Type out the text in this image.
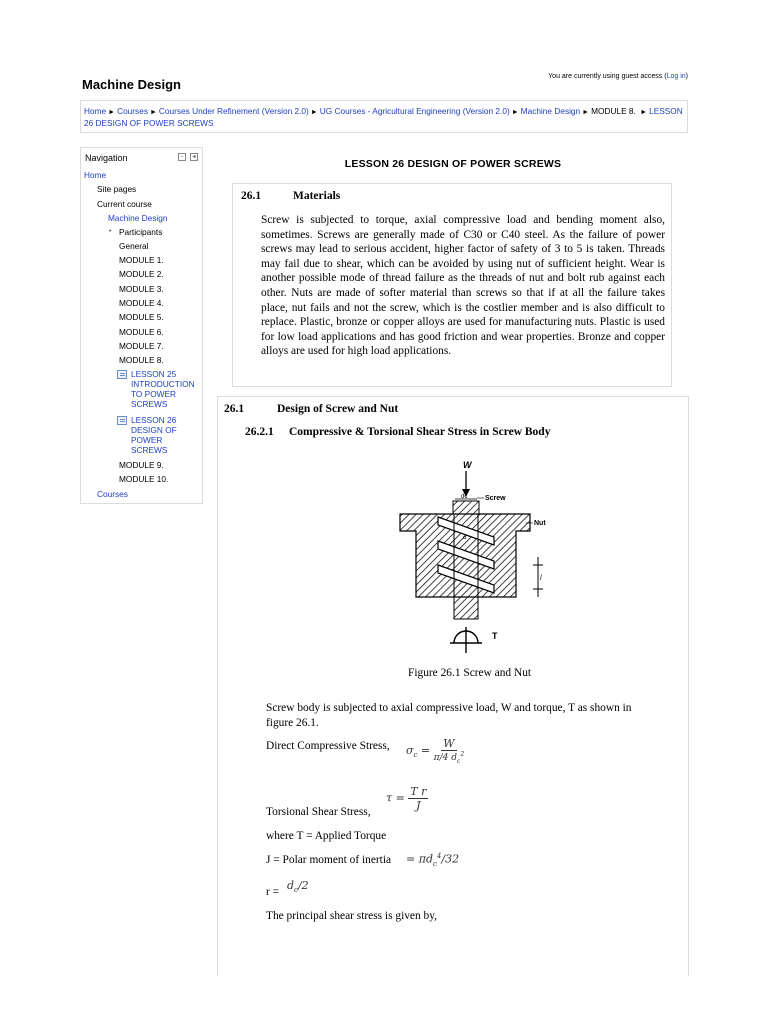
Machine Design
You are currently using guest access (Log in)
Home ► Courses ► Courses Under Refinement (Version 2.0) ► UG Courses - Agricultural Engineering (Version 2.0) ► Machine Design ► MODULE 8. ► LESSON 26 DESIGN OF POWER SCREWS
Navigation	−	◂
Home
Site pages
Current course
Machine Design
• Participants
General
MODULE 1.
MODULE 2.
MODULE 3.
MODULE 4.
MODULE 5.
MODULE 6.
MODULE 7.
MODULE 8.
LESSON 25
INTRODUCTION
TO POWER
SCREWS
LESSON 26
DESIGN OF
POWER
SCREWS
MODULE 9.
MODULE 10.
Courses
LESSON 26 DESIGN OF POWER SCREWS
26.1	Materials
Screw is subjected to torque, axial compressive load and bending moment also, sometimes. Screws are generally made of C30 or C40 steel. As the failure of power screws may lead to serious accident, higher factor of safety of 3 to 5 is taken. Threads may fail due to shear, which can be avoided by using nut of sufficient height. Wear is another possible mode of thread failure as the threads of nut and bolt rub against each other. Nuts are made of softer material than screws so that if at all the failure takes place, nut fails and not the screw, which is the costlier member and is also difficult to replace. Plastic, bronze or copper alloys are used for manufacturing nuts. Plastic is used for low load applications and has good friction and wear properties. Bronze and copper alloys are used for high load applications.
26.1	Design of Screw and Nut
26.2.1 Compressive & Torsional Shear Stress in Screw Body
W
dc	Screw
Nut
d
l
T
Figure 26.1 Screw and Nut
Screw body is subjected to axial compressive load, W and torque, T as shown in
figure 26.1.
Direct Compressive Stress, $\sigma_c = \frac{W}{\pi/4 d_c^2}$
$\tau = \frac{\text{T r}}{J}$
Torsional Shear Stress,
where T = Applied Torque
J = Polar moment of inertia = $\pi d_c^4/32$
$r = d_c/2$
The principal shear stress is given by,
